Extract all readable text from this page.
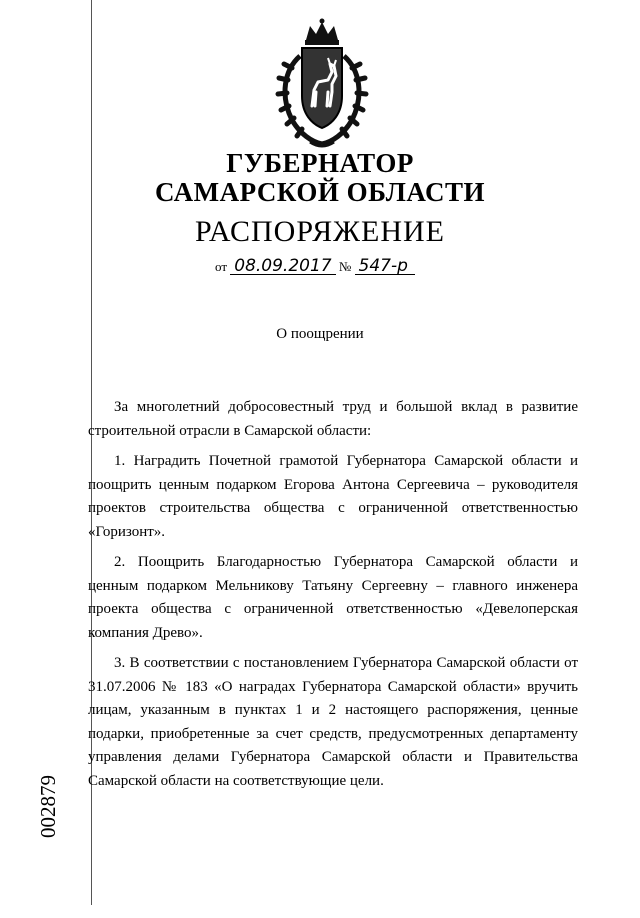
ГУБЕРНАТОР
САМАРСКОЙ ОБЛАСТИ
РАСПОРЯЖЕНИЕ
от 08.09.2017 № 547-р
О поощрении

За многолетний добросовестный труд и большой вклад в развитие строительной отрасли в Самарской области:

1. Наградить Почетной грамотой Губернатора Самарской области и поощрить ценным подарком Егорова Антона Сергеевича – руководителя проектов строительства общества с ограниченной ответственностью «Горизонт».

2. Поощрить Благодарностью Губернатора Самарской области и ценным подарком Мельникову Татьяну Сергеевну – главного инженера проекта общества с ограниченной ответственностью «Девелоперская компания Древо».

3. В соответствии с постановлением Губернатора Самарской области от 31.07.2006 № 183 «О наградах Губернатора Самарской области» вручить лицам, указанным в пунктах 1 и 2 настоящего распоряжения, ценные подарки, приобретенные за счет средств, предусмотренных департаменту управления делами Губернатора Самарской области и Правительства Самарской области на соответствующие цели.

002879
